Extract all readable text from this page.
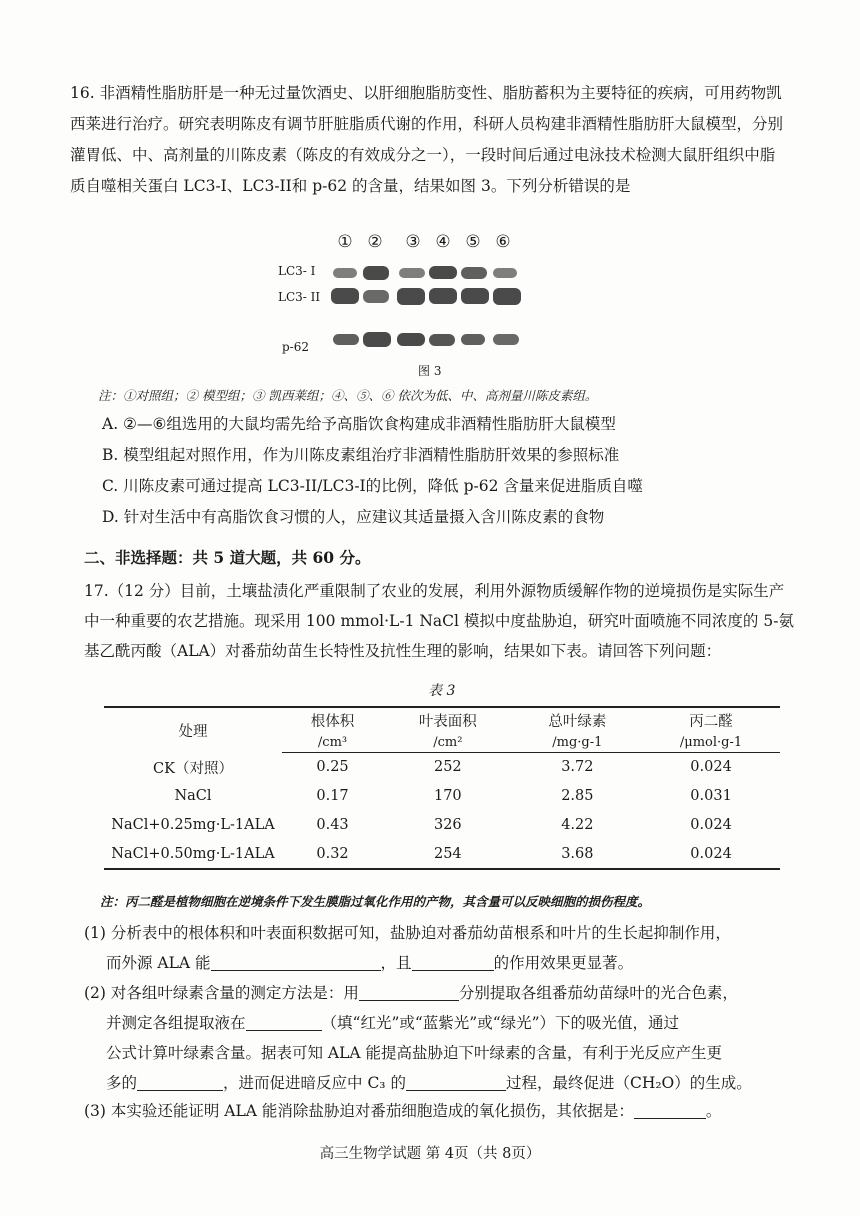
16. 非酒精性脂肪肝是一种无过量饮酒史、以肝细胞脂肪变性、脂肪蓄积为主要特征的疾病，可用药物凯西莱进行治疗。研究表明陈皮有调节肝脏脂质代谢的作用，科研人员构建非酒精性脂肪肝大鼠模型，分别灌胃低、中、高剂量的川陈皮素（陈皮的有效成分之一），一段时间后通过电泳技术检测大鼠肝组织中脂质自噬相关蛋白 LC3-I、LC3-II和 p-62 的含量，结果如图 3。下列分析错误的是
① ② ③ ④ ⑤ ⑥
LC3- I
LC3- II
p-62
图 3
注：①对照组；② 模型组；③ 凯西莱组；④、⑤、⑥ 依次为低、中、高剂量川陈皮素组。
A. ②—⑥组选用的大鼠均需先给予高脂饮食构建成非酒精性脂肪肝大鼠模型
B. 模型组起对照作用，作为川陈皮素组治疗非酒精性脂肪肝效果的参照标准
C. 川陈皮素可通过提高 LC3-II/LC3-I的比例，降低 p-62 含量来促进脂质自噬
D. 针对生活中有高脂饮食习惯的人，应建议其适量摄入含川陈皮素的食物
二、非选择题：共 5 道大题，共 60 分。
17.（12 分）目前，土壤盐渍化严重限制了农业的发展，利用外源物质缓解作物的逆境损伤是实际生产中一种重要的农艺措施。现采用 100 mmol·L-1 NaCl 模拟中度盐胁迫，研究叶面喷施不同浓度的 5-氨基乙酰丙酸（ALA）对番茄幼苗生长特性及抗性生理的影响，结果如下表。请回答下列问题：
表 3
处理	根体积	叶表面积	总叶绿素	丙二醛
	/cm³	/cm²	/mg·g-1	/μmol·g-1
CK（对照）	0.25	252	3.72	0.024
NaCl	0.17	170	2.85	0.031
NaCl+0.25mg·L-1ALA	0.43	326	4.22	0.024
NaCl+0.50mg·L-1ALA	0.32	254	3.68	0.024
注：丙二醛是植物细胞在逆境条件下发生膜脂过氧化作用的产物，其含量可以反映细胞的损伤程度。
(1) 分析表中的根体积和叶表面积数据可知，盐胁迫对番茄幼苗根系和叶片的生长起抑制作用，
而外源 ALA 能	，且	的作用效果更显著。
(2) 对各组叶绿素含量的测定方法是：用	分别提取各组番茄幼苗绿叶的光合色素，
并测定各组提取液在	（填“红光”或“蓝紫光”或“绿光”）下的吸光值，通过
公式计算叶绿素含量。据表可知 ALA 能提高盐胁迫下叶绿素的含量，有利于光反应产生更
多的	，进而促进暗反应中 C₃ 的	过程，最终促进（CH₂O）的生成。
(3) 本实验还能证明 ALA 能消除盐胁迫对番茄细胞造成的氧化损伤，其依据是：	。
高三生物学试题 第 4页（共 8页）
